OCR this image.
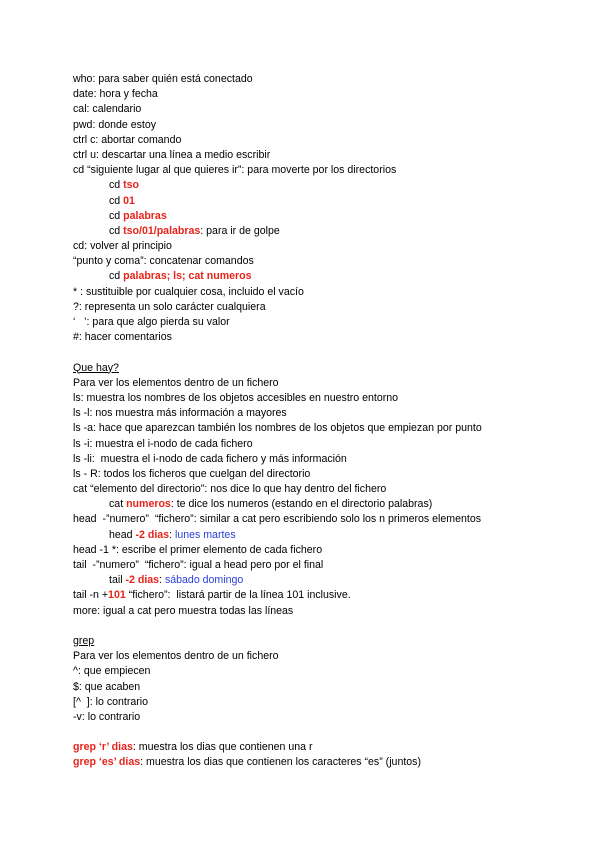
who: para saber quién está conectado
date: hora y fecha
cal: calendario
pwd: donde estoy
ctrl c: abortar comando
ctrl u: descartar una línea a medio escribir
cd “siguiente lugar al que quieres ir”: para moverte por los directorios
cd tso
cd 01
cd palabras
cd tso/01/palabras: para ir de golpe
cd: volver al principio
“punto y coma”: concatenar comandos
cd palabras; ls; cat numeros
* : sustituible por cualquier cosa, incluido el vacío
?: representa un solo carácter cualquiera
‘   ’: para que algo pierda su valor
#: hacer comentarios
Que hay?
Para ver los elementos dentro de un fichero
ls: muestra los nombres de los objetos accesibles en nuestro entorno
ls -l: nos muestra más información a mayores
ls -a: hace que aparezcan también los nombres de los objetos que empiezan por punto
ls -i: muestra el i-nodo de cada fichero
ls -li:  muestra el i-nodo de cada fichero y más información
ls - R: todos los ficheros que cuelgan del directorio
cat “elemento del directorio”: nos dice lo que hay dentro del fichero
cat numeros: te dice los numeros (estando en el directorio palabras)
head  -”numero”  “fichero”: similar a cat pero escribiendo solo los n primeros elementos
head -2 dias: lunes martes
head -1 *: escribe el primer elemento de cada fichero
tail  -”numero”  “fichero”: igual a head pero por el final
tail -2 dias: sábado domingo
tail -n +101 “fichero”:  listará partir de la línea 101 inclusive.
more: igual a cat pero muestra todas las líneas
grep
Para ver los elementos dentro de un fichero
^: que empiecen
$: que acaben
[^  ]: lo contrario
-v: lo contrario
grep ‘r’ dias: muestra los dias que contienen una r
grep ‘es’ dias: muestra los dias que contienen los caracteres “es” (juntos)
